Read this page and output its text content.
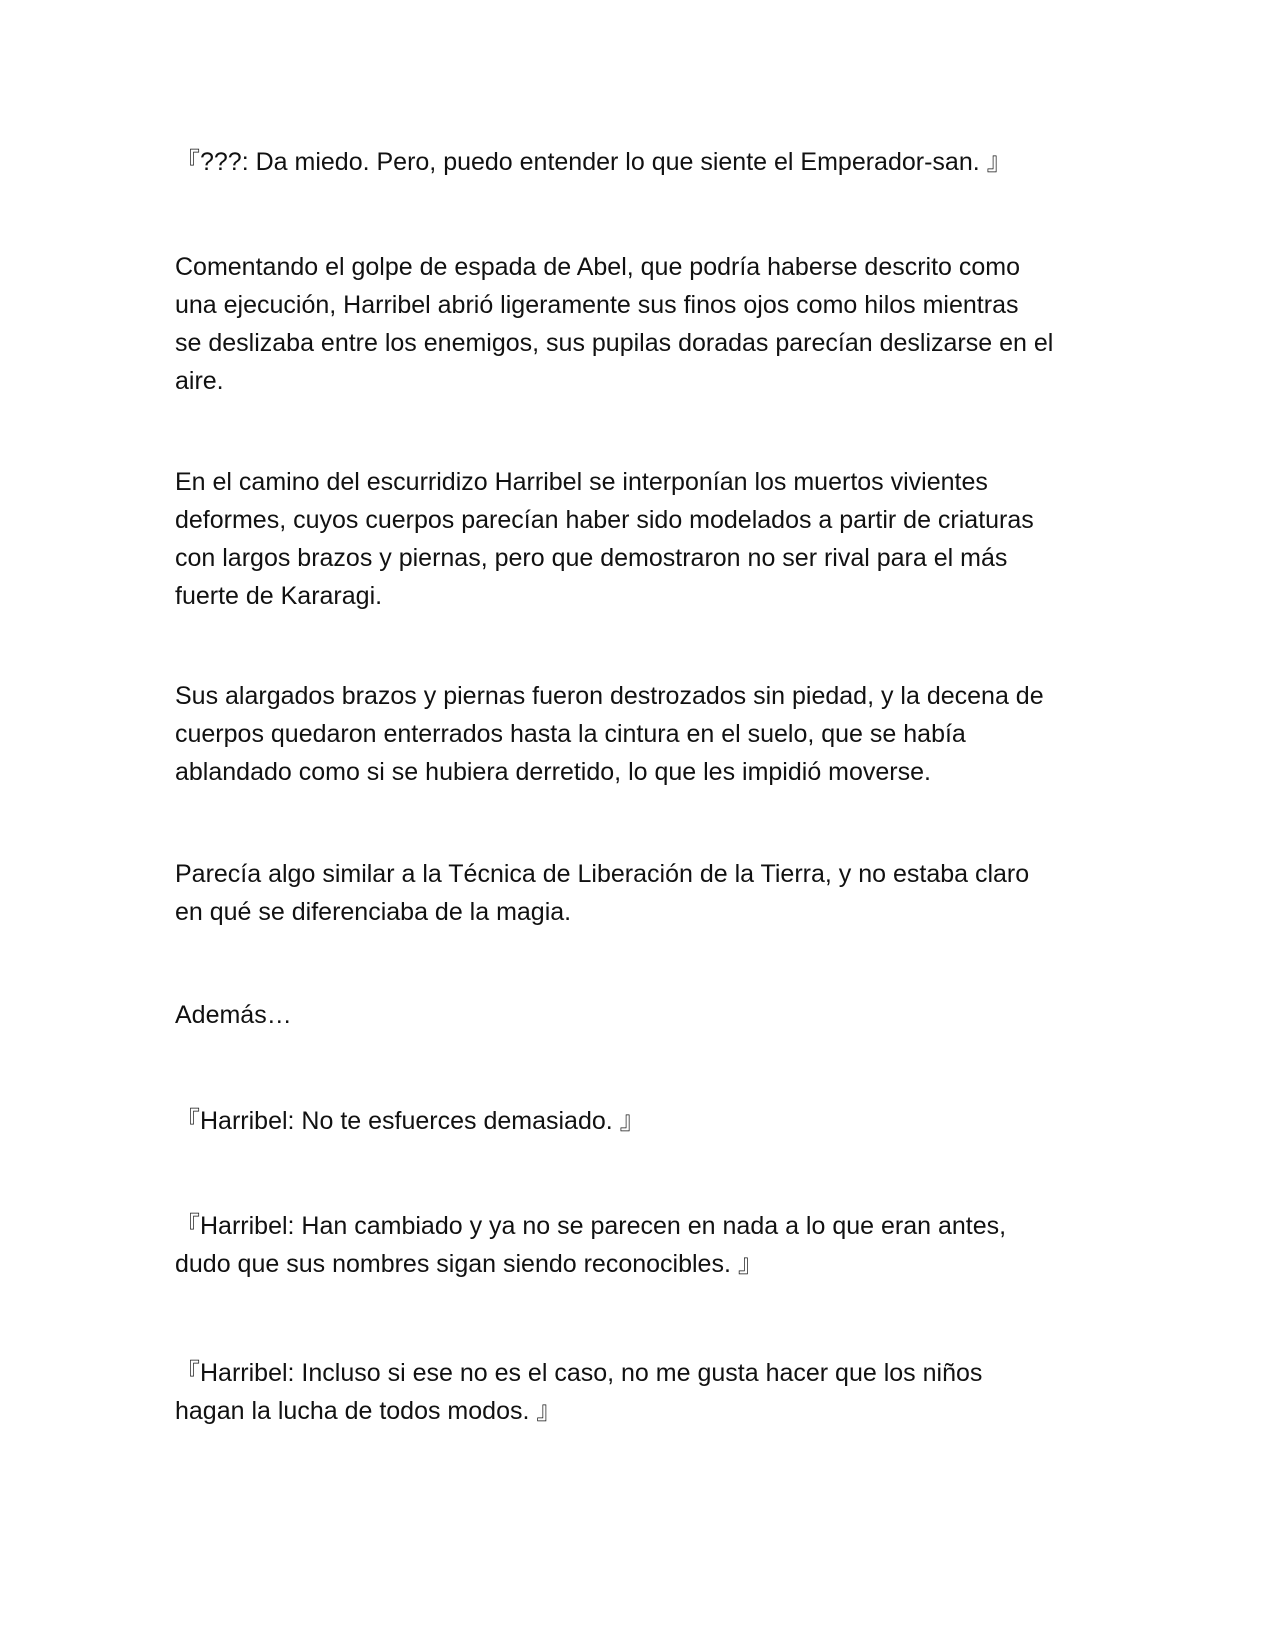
『???: Da miedo. Pero, puedo entender lo que siente el Emperador-san. 』

Comentando el golpe de espada de Abel, que podría haberse descrito como
una ejecución, Harribel abrió ligeramente sus finos ojos como hilos mientras
se deslizaba entre los enemigos, sus pupilas doradas parecían deslizarse en el
aire.

En el camino del escurridizo Harribel se interponían los muertos vivientes
deformes, cuyos cuerpos parecían haber sido modelados a partir de criaturas
con largos brazos y piernas, pero que demostraron no ser rival para el más
fuerte de Kararagi.

Sus alargados brazos y piernas fueron destrozados sin piedad, y la decena de
cuerpos quedaron enterrados hasta la cintura en el suelo, que se había
ablandado como si se hubiera derretido, lo que les impidió moverse.

Parecía algo similar a la Técnica de Liberación de la Tierra, y no estaba claro
en qué se diferenciaba de la magia.

Además…

『Harribel: No te esfuerces demasiado. 』

『Harribel: Han cambiado y ya no se parecen en nada a lo que eran antes,
dudo que sus nombres sigan siendo reconocibles. 』

『Harribel: Incluso si ese no es el caso, no me gusta hacer que los niños
hagan la lucha de todos modos. 』
